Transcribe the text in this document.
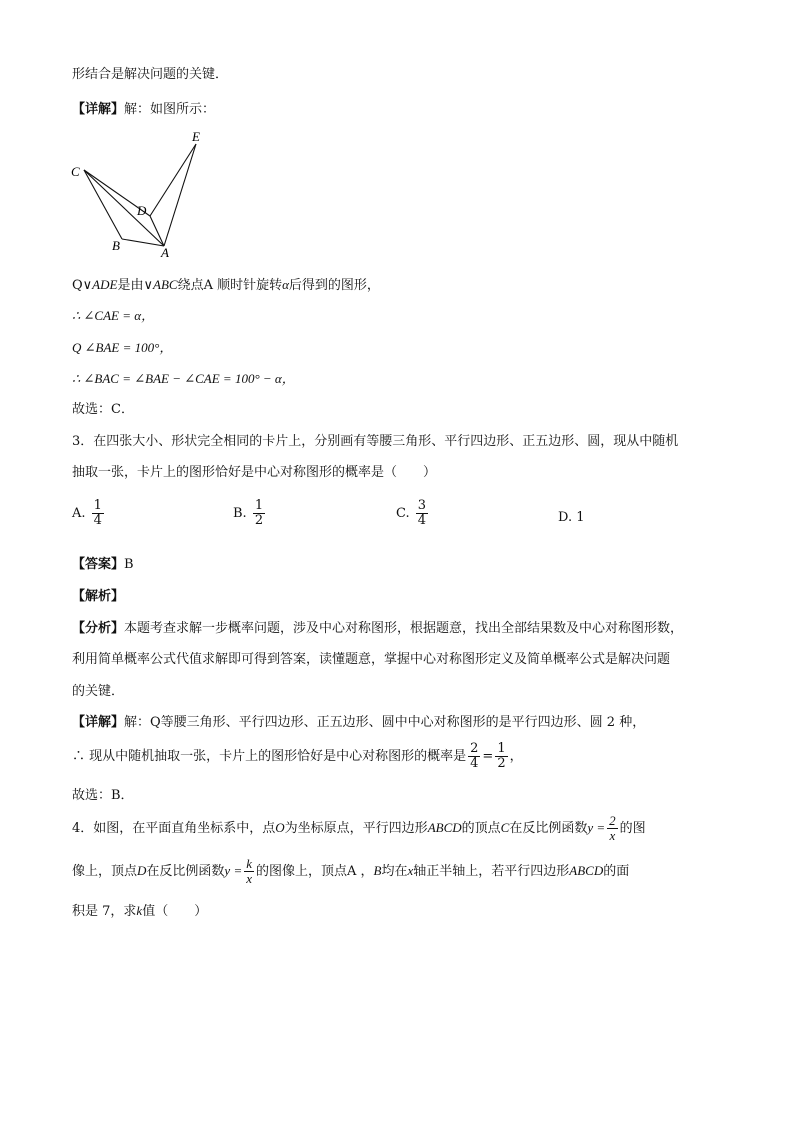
形结合是解决问题的关键．
【详解】解：如图所示：
C
E
D
B	A
Q∨ADE是由∨ABC绕点A 顺时针旋转α后得到的图形，
∴ ∠CAE = α，
Q ∠BAE = 100°，
∴ ∠BAC = ∠BAE − ∠CAE = 100° − α，
故选：C．
3．在四张大小、形状完全相同的卡片上，分别画有等腰三角形、平行四边形、正五边形、圆，现从中随机
抽取一张，卡片上的图形恰好是中心对称图形的概率是（　　）
A. $\frac{1}{4}$	B. $\frac{1}{2}$	C. $\frac{3}{4}$	D. 1
【答案】B
【解析】
【分析】本题考查求解一步概率问题，涉及中心对称图形，根据题意，找出全部结果数及中心对称图形数，
利用简单概率公式代值求解即可得到答案，读懂题意，掌握中心对称图形定义及简单概率公式是解决问题
的关键．
【详解】解：Q等腰三角形、平行四边形、正五边形、圆中中心对称图形的是平行四边形、圆 2 种，
∴ 现从中随机抽取一张，卡片上的图形恰好是中心对称图形的概率是 $\frac{2}{4} = \frac{1}{2}$ ，
故选：B．
4．如图，在平面直角坐标系中，点O为坐标原点，平行四边形ABCD的顶点C在反比例函数$y = \frac{2}{x}$ 的图
像上，顶点D在反比例函数$y = \frac{k}{x}$ 的图像上，顶点A ，B均在x轴正半轴上，若平行四边形ABCD的面
积是 7，求k值（　　）
